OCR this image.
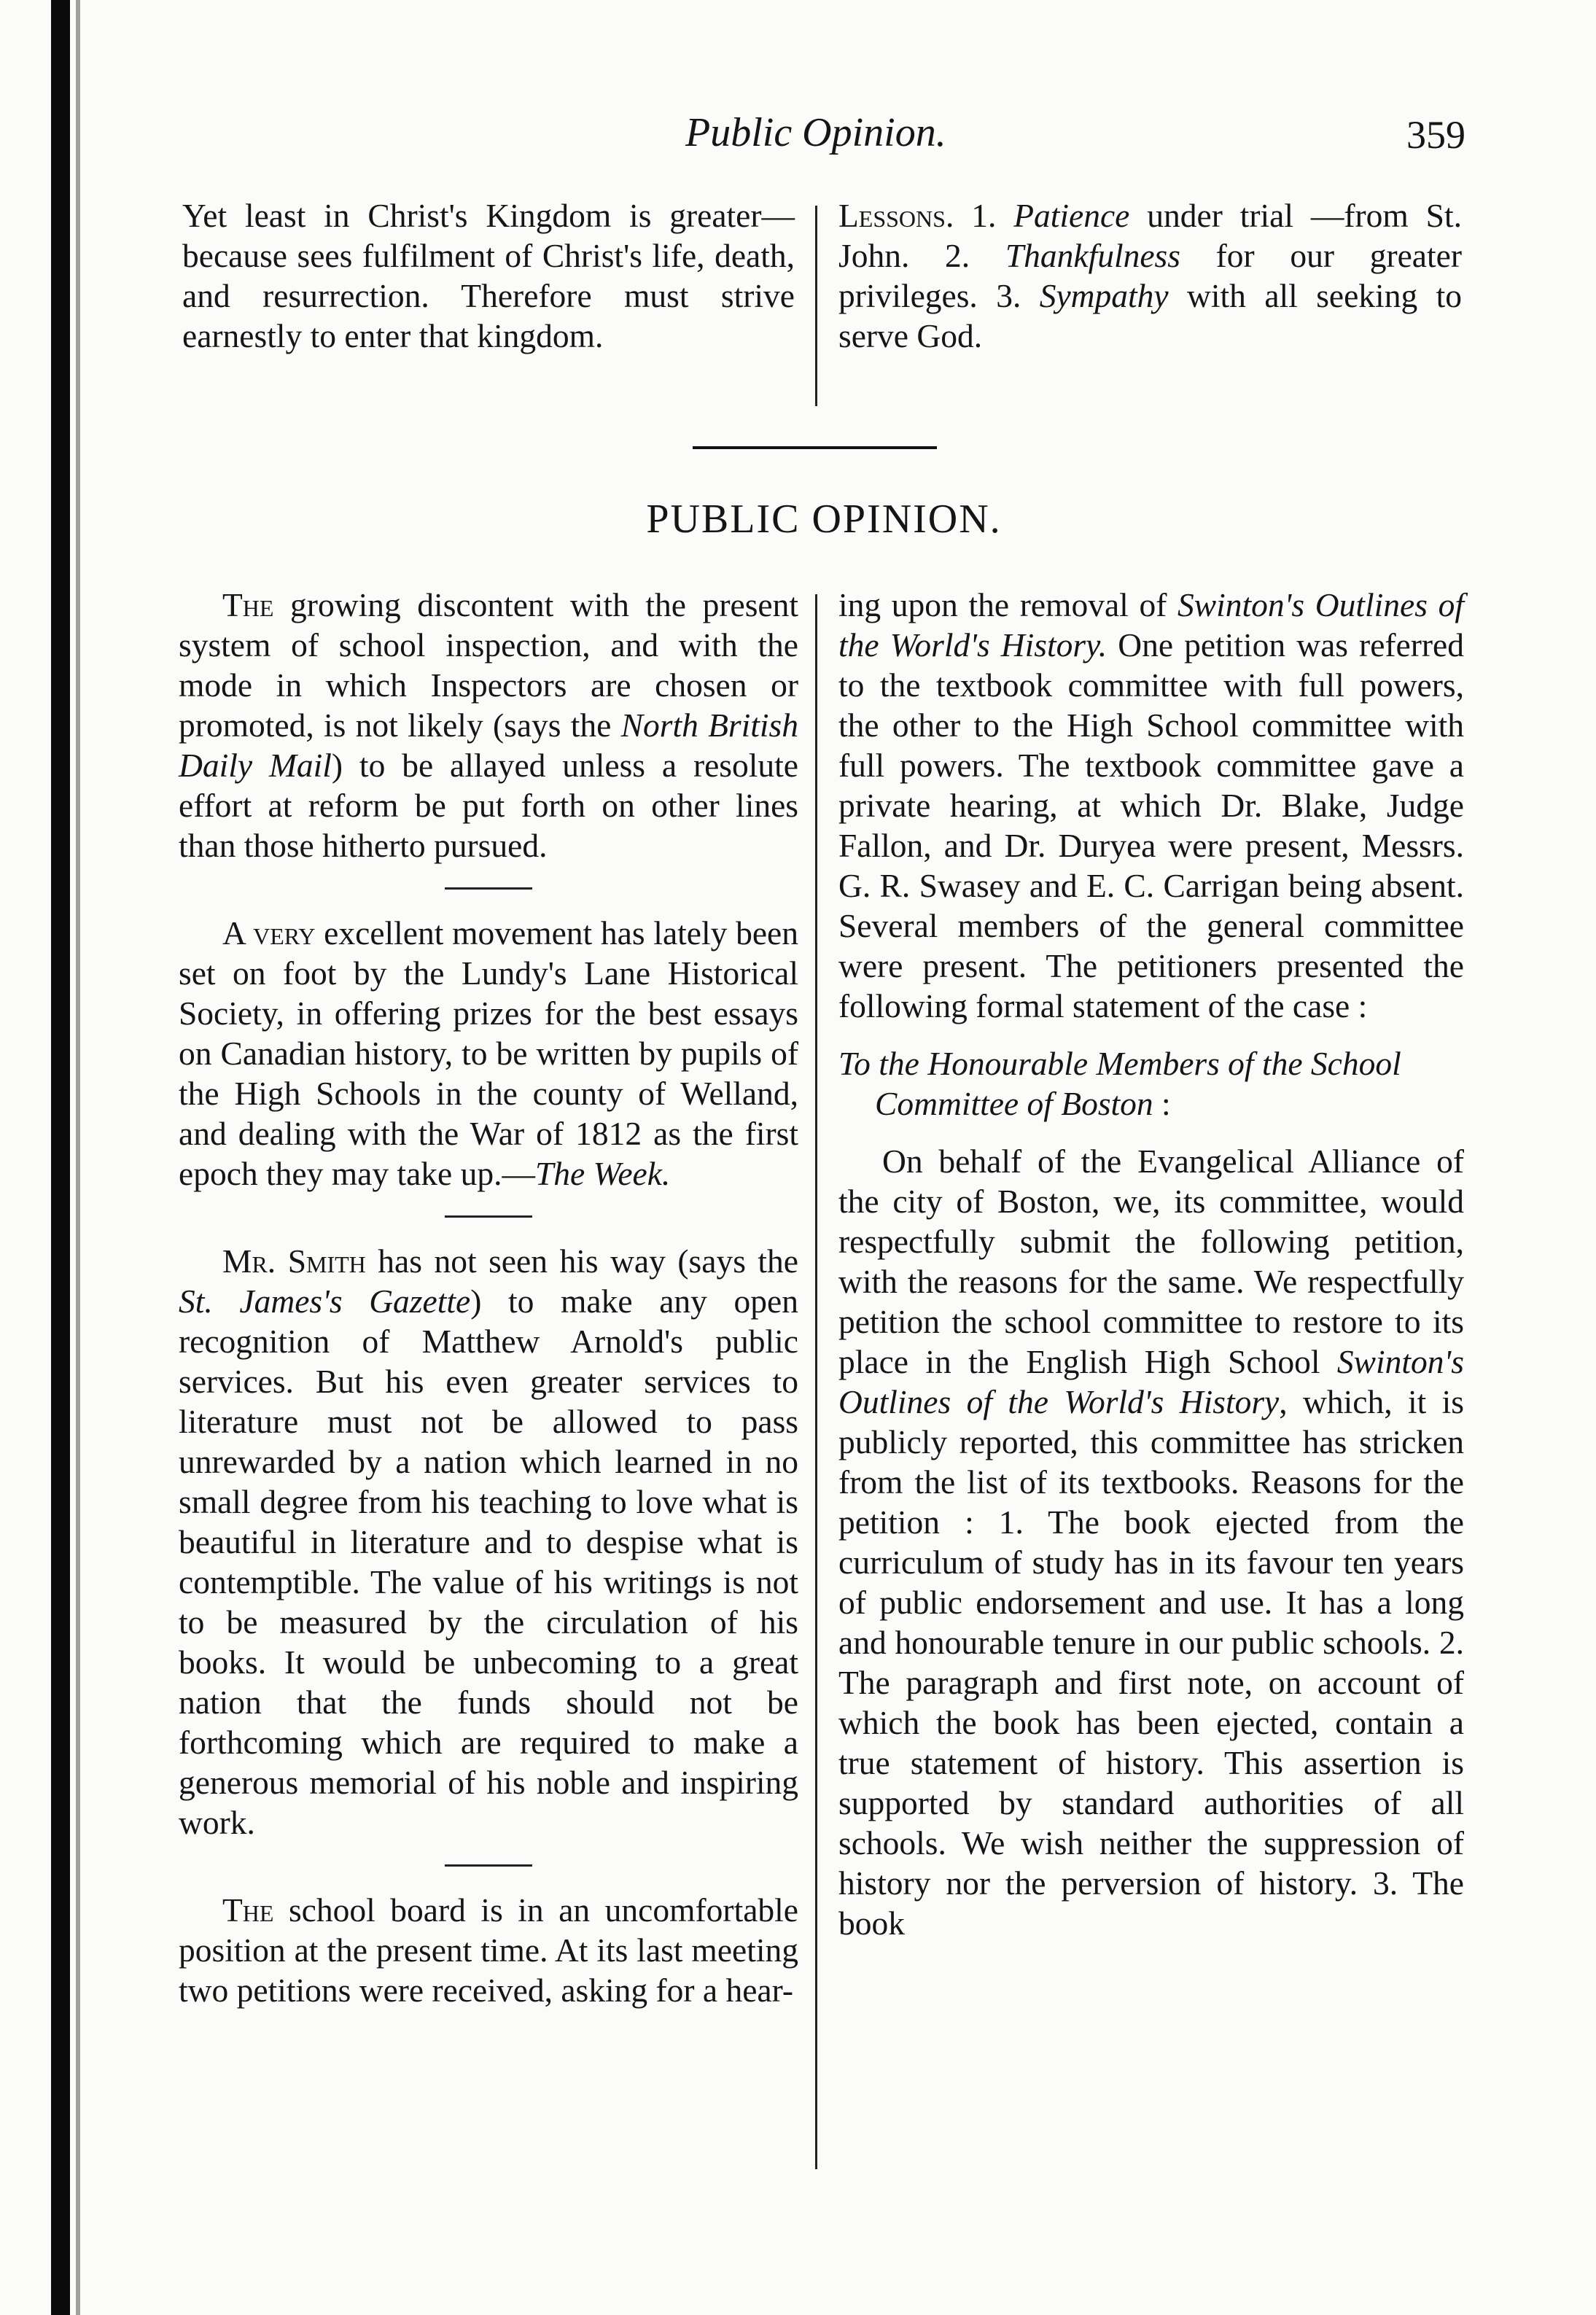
Public Opinion.	359

Yet least in Christ's Kingdom is greater—because sees fulfilment of Christ's life, death, and resurrection. Therefore must strive earnestly to enter that kingdom.

Lessons. 1. Patience under trial —from St. John. 2. Thankfulness for our greater privileges. 3. Sympathy with all seeking to serve God.

PUBLIC OPINION.

The growing discontent with the present system of school inspection, and with the mode in which Inspectors are chosen or promoted, is not likely (says the North British Daily Mail) to be allayed unless a resolute effort at reform be put forth on other lines than those hitherto pursued.

A very excellent movement has lately been set on foot by the Lundy's Lane Historical Society, in offering prizes for the best essays on Canadian history, to be written by pupils of the High Schools in the county of Welland, and dealing with the War of 1812 as the first epoch they may take up.—The Week.

Mr. Smith has not seen his way (says the St. James's Gazette) to make any open recognition of Matthew Arnold's public services. But his even greater services to literature must not be allowed to pass unrewarded by a nation which learned in no small degree from his teaching to love what is beautiful in literature and to despise what is contemptible. The value of his writings is not to be measured by the circulation of his books. It would be unbecoming to a great nation that the funds should not be forthcoming which are required to make a generous memorial of his noble and inspiring work.

The school board is in an uncomfortable position at the present time. At its last meeting two petitions were received, asking for a hear-

ing upon the removal of Swinton's Outlines of the World's History. One petition was referred to the textbook committee with full powers, the other to the High School committee with full powers. The textbook committee gave a private hearing, at which Dr. Blake, Judge Fallon, and Dr. Duryea were present, Messrs. G. R. Swasey and E. C. Carrigan being absent. Several members of the general committee were present. The petitioners presented the following formal statement of the case :

To the Honourable Members of the School Committee of Boston :

On behalf of the Evangelical Alliance of the city of Boston, we, its committee, would respectfully submit the following petition, with the reasons for the same. We respectfully petition the school committee to restore to its place in the English High School Swinton's Outlines of the World's History, which, it is publicly reported, this committee has stricken from the list of its textbooks. Reasons for the petition : 1. The book ejected from the curriculum of study has in its favour ten years of public endorsement and use. It has a long and honourable tenure in our public schools. 2. The paragraph and first note, on account of which the book has been ejected, contain a true statement of history. This assertion is supported by standard authorities of all schools. We wish neither the suppression of history nor the perversion of history. 3. The book
